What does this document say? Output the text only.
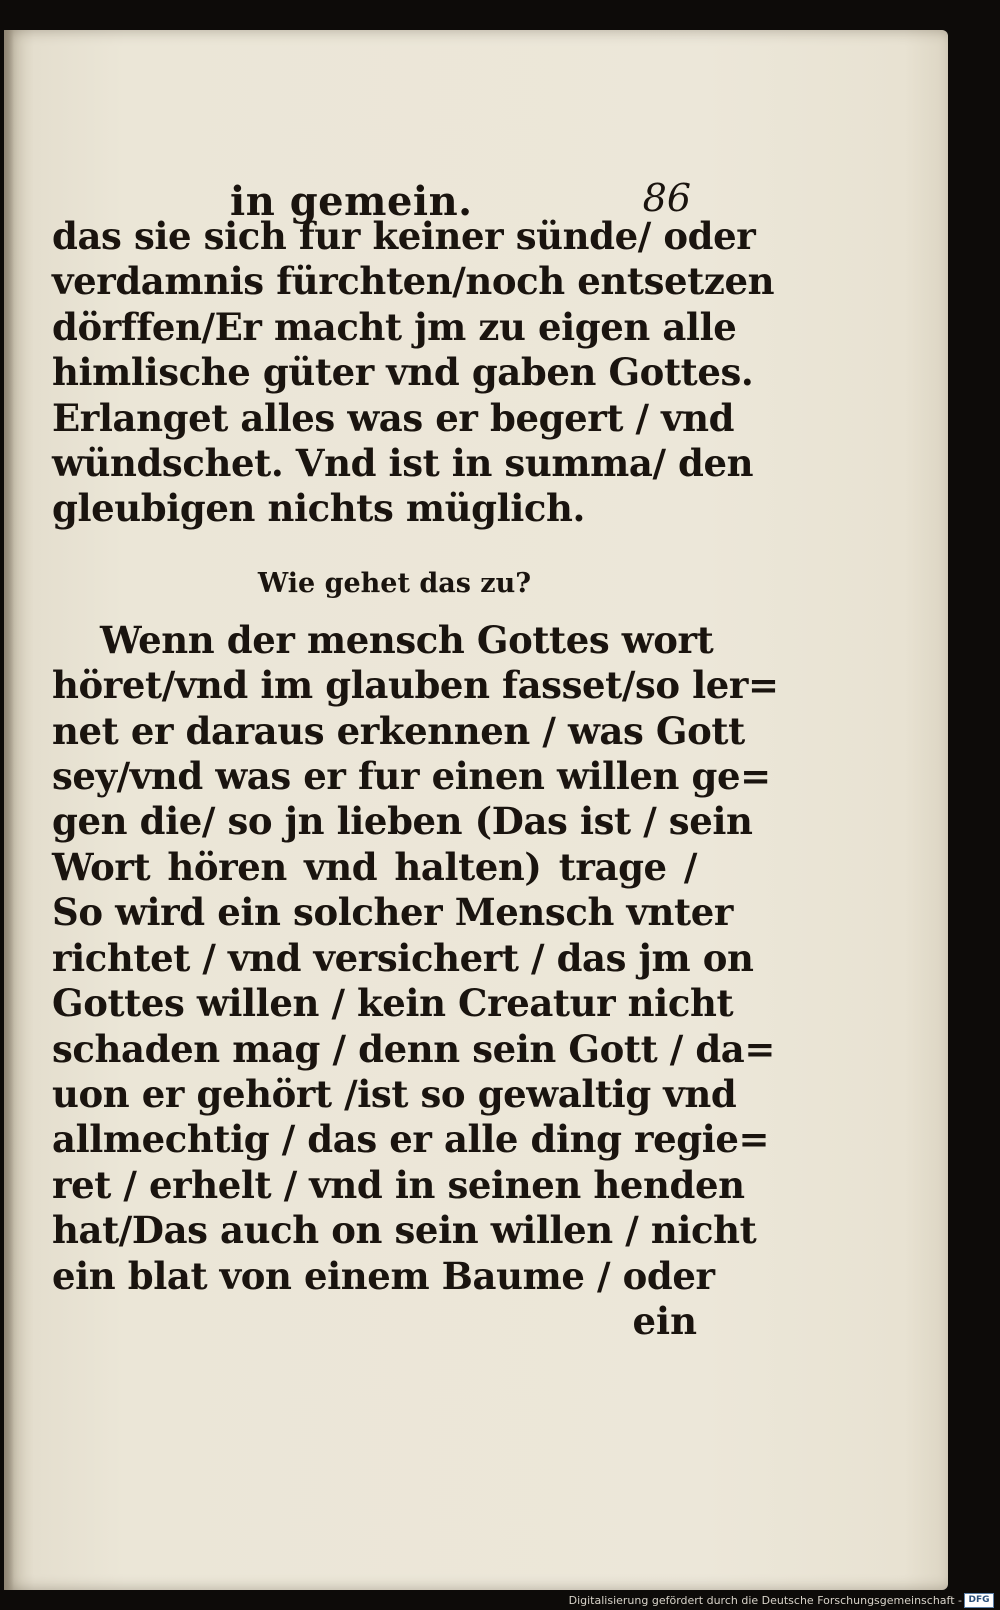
in gemein.	86
das sie sich fur keiner sünde/ oder
verdamnis fürchten/noch entsetzen
dörffen/Er macht jm zu eigen alle
himlische güter vnd gaben Gottes.
Erlanget alles was er begert / vnd
wündschet. Vnd ist in summa/ den
gleubigen nichts müglich.
Wie gehet das zu?
Wenn der mensch Gottes wort
höret/vnd im glauben fasset/so ler=
net er daraus erkennen / was Gott
sey/vnd was er fur einen willen ge=
gen die/ so jn lieben (Das ist / sein
Wort hören vnd halten) trage /
So wird ein solcher Mensch vnter
richtet / vnd versichert / das jm on
Gottes willen / kein Creatur nicht
schaden mag / denn sein Gott / da=
uon er gehört /ist so gewaltig vnd
allmechtig / das er alle ding regie=
ret / erhelt / vnd in seinen henden
hat/Das auch on sein willen / nicht
ein blat von einem Baume / oder
ein
Digitalisierung gefördert durch die Deutsche Forschungsgemeinschaft - DFG
